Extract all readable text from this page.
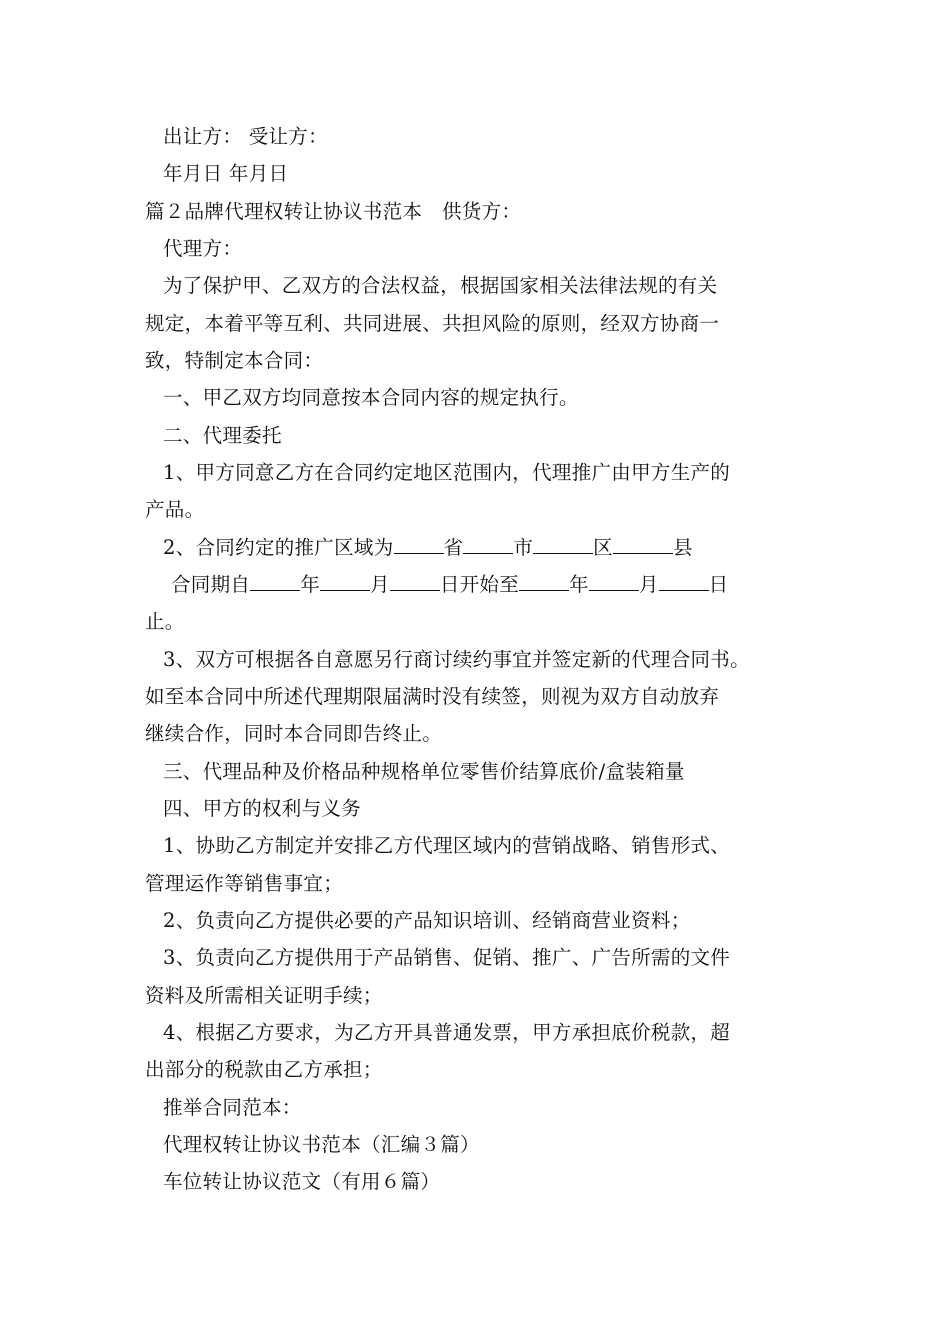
出让方： 受让方：
年月日 年月日
篇２品牌代理权转让协议书范本　供货方：
代理方：
为了保护甲、乙双方的合法权益，根据国家相关法律法规的有关
规定，本着平等互利、共同进展、共担风险的原则，经双方协商一
致，特制定本合同：
一、甲乙双方均同意按本合同内容的规定执行。
二、代理委托
1、甲方同意乙方在合同约定地区范围内，代理推广由甲方生产的
产品。
2、合同约定的推广区域为	省	市	区	县
合同期自	年	月	日开始至	年	月	日
止。
3、双方可根据各自意愿另行商讨续约事宜并签定新的代理合同书。
如至本合同中所述代理期限届满时没有续签，则视为双方自动放弃
继续合作，同时本合同即告终止。
三、代理品种及价格品种规格单位零售价结算底价/盒装箱量
四、甲方的权利与义务
1、协助乙方制定并安排乙方代理区域内的营销战略、销售形式、
管理运作等销售事宜；
2、负责向乙方提供必要的产品知识培训、经销商营业资料；
3、负责向乙方提供用于产品销售、促销、推广、广告所需的文件
资料及所需相关证明手续；
4、根据乙方要求，为乙方开具普通发票，甲方承担底价税款，超
出部分的税款由乙方承担；
推举合同范本：
代理权转让协议书范本（汇编３篇）
车位转让协议范文（有用６篇）
